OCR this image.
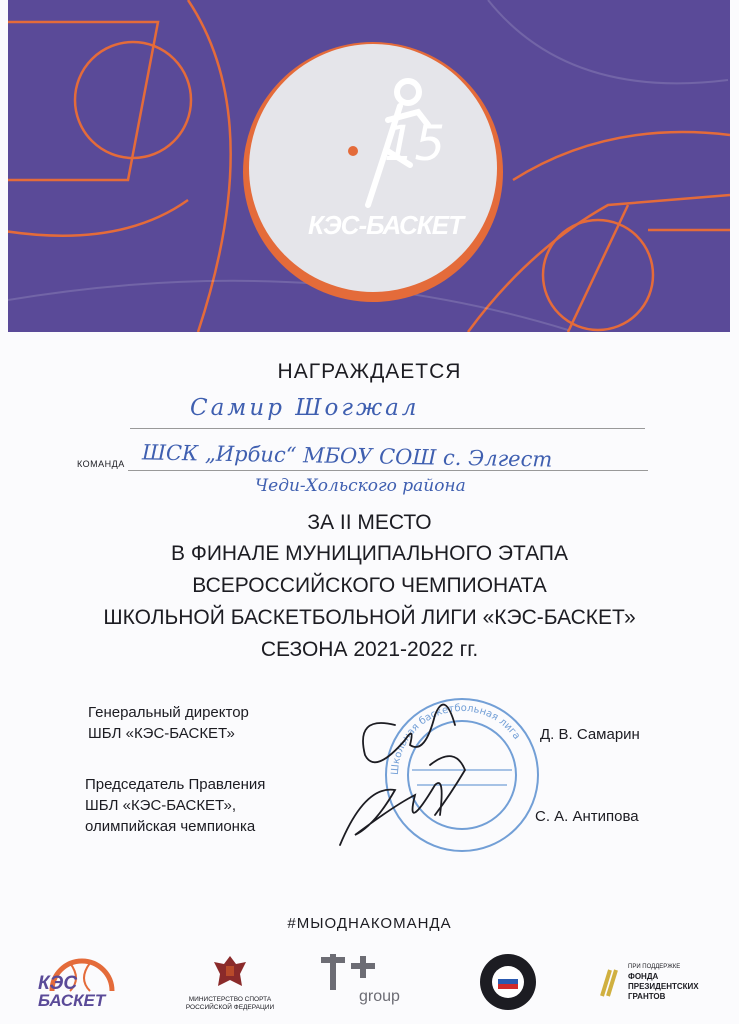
15
КЭС-БАСКЕТ
НАГРАЖДАЕТСЯ
Самир Шогжал
КОМАНДА ШСК „Ирбис“ МБОУ СОШ с. Элгест
Чеди-Хольского района
ЗА II МЕСТО
В ФИНАЛЕ МУНИЦИПАЛЬНОГО ЭТАПА
ВСЕРОССИЙСКОГО ЧЕМПИОНАТА
ШКОЛЬНОЙ БАСКЕТБОЛЬНОЙ ЛИГИ «КЭС-БАСКЕТ»
СЕЗОНА 2021-2022 гг.
Генеральный директор
ШБЛ «КЭС-БАСКЕТ»	Д. В. Самарин
Председатель Правления
ШБЛ «КЭС-БАСКЕТ»,
олимпийская чемпионка
С. А. Антипова
Школьная баскетбольная лига
#МЫОДНАКОМАНДА
КЭС
БАСКЕТ	МИНИСТЕРСТВО СПОРТА
РОССИЙСКОЙ ФЕДЕРАЦИИ
group
ПРИ ПОДДЕРЖКЕ
ФОНДА
ПРЕЗИДЕНТСКИХ
ГРАНТОВ
